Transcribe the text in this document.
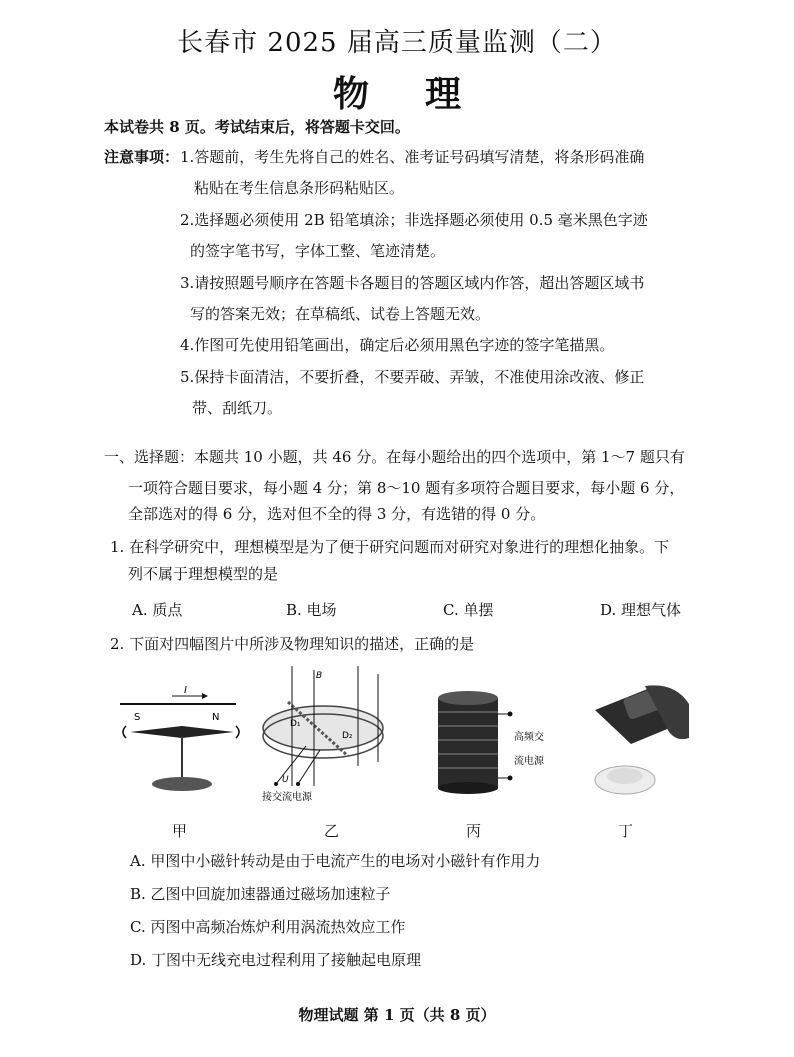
长春市 2025 届高三质量监测（二）
物理
本试卷共 8 页。考试结束后，将答题卡交回。
注意事项： 1.答题前，考生先将自己的姓名、准考证号码填写清楚，将条形码准确
粘贴在考生信息条形码粘贴区。
2.选择题必须使用 2B 铅笔填涂；非选择题必须使用 0.5 毫米黑色字迹
的签字笔书写，字体工整、笔迹清楚。
3.请按照题号顺序在答题卡各题目的答题区域内作答，超出答题区域书
写的答案无效；在草稿纸、试卷上答题无效。
4.作图可先使用铅笔画出，确定后必须用黑色字迹的签字笔描黑。
5.保持卡面清洁，不要折叠，不要弄破、弄皱，不准使用涂改液、修正
带、刮纸刀。
一、选择题：本题共 10 小题，共 46 分。在每小题给出的四个选项中，第 1～7 题只有
一项符合题目要求，每小题 4 分；第 8～10 题有多项符合题目要求，每小题 6 分，
全部选对的得 6 分，选对但不全的得 3 分，有选错的得 0 分。
1. 在科学研究中，理想模型是为了便于研究问题而对研究对象进行的理想化抽象。下
列不属于理想模型的是
A. 质点	B. 电场	C. 单摆	D. 理想气体
2. 下面对四幅图片中所涉及物理知识的描述，正确的是
I
S	N
B
D₁
D₂
U
接交流电源
高频交
流电源
甲	乙	丙	丁
A. 甲图中小磁针转动是由于电流产生的电场对小磁针有作用力
B. 乙图中回旋加速器通过磁场加速粒子
C. 丙图中高频冶炼炉利用涡流热效应工作
D. 丁图中无线充电过程利用了接触起电原理
物理试题 第 1 页（共 8 页）
